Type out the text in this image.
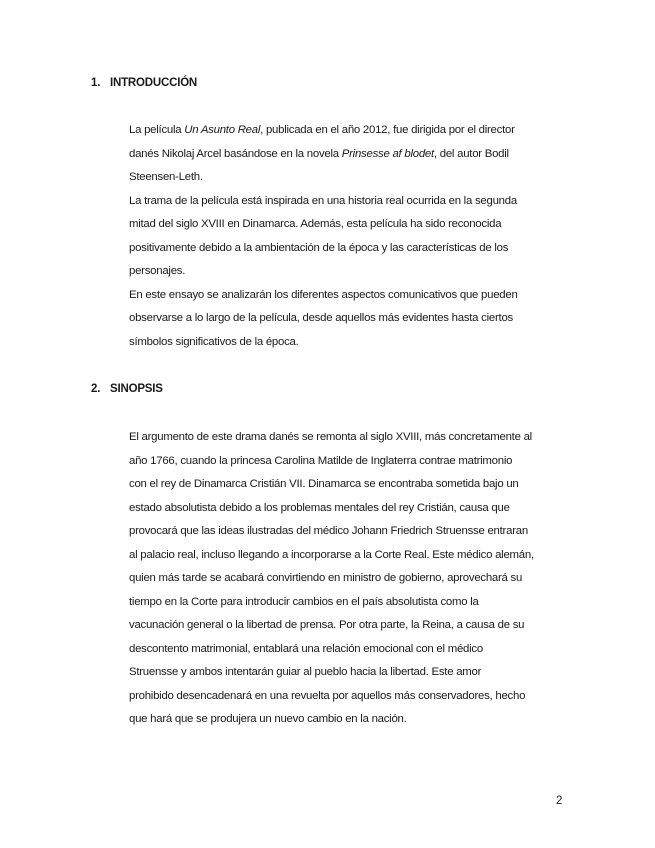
1. INTRODUCCIÓN

La película Un Asunto Real, publicada en el año 2012, fue dirigida por el director
danés Nikolaj Arcel basándose en la novela Prinsesse af blodet, del autor Bodil
Steensen-Leth.

La trama de la película está inspirada en una historia real ocurrida en la segunda
mitad del siglo XVIII en Dinamarca. Además, esta película ha sido reconocida
positivamente debido a la ambientación de la época y las características de los
personajes.

En este ensayo se analizarán los diferentes aspectos comunicativos que pueden
observarse a lo largo de la película, desde aquellos más evidentes hasta ciertos
símbolos significativos de la época.

2. SINOPSIS

El argumento de este drama danés se remonta al siglo XVIII, más concretamente al
año 1766, cuando la princesa Carolina Matilde de Inglaterra contrae matrimonio
con el rey de Dinamarca Cristián VII. Dinamarca se encontraba sometida bajo un
estado absolutista debido a los problemas mentales del rey Cristián, causa que
provocará que las ideas ilustradas del médico Johann Friedrich Struensse entraran
al palacio real, incluso llegando a incorporarse a la Corte Real. Este médico alemán,
quien más tarde se acabará convirtiendo en ministro de gobierno, aprovechará su
tiempo en la Corte para introducir cambios en el país absolutista como la
vacunación general o la libertad de prensa. Por otra parte, la Reina, a causa de su
descontento matrimonial, entablará una relación emocional con el médico
Struensse y ambos intentarán guiar al pueblo hacia la libertad. Este amor
prohibido desencadenará en una revuelta por aquellos más conservadores, hecho
que hará que se produjera un nuevo cambio en la nación.

2
